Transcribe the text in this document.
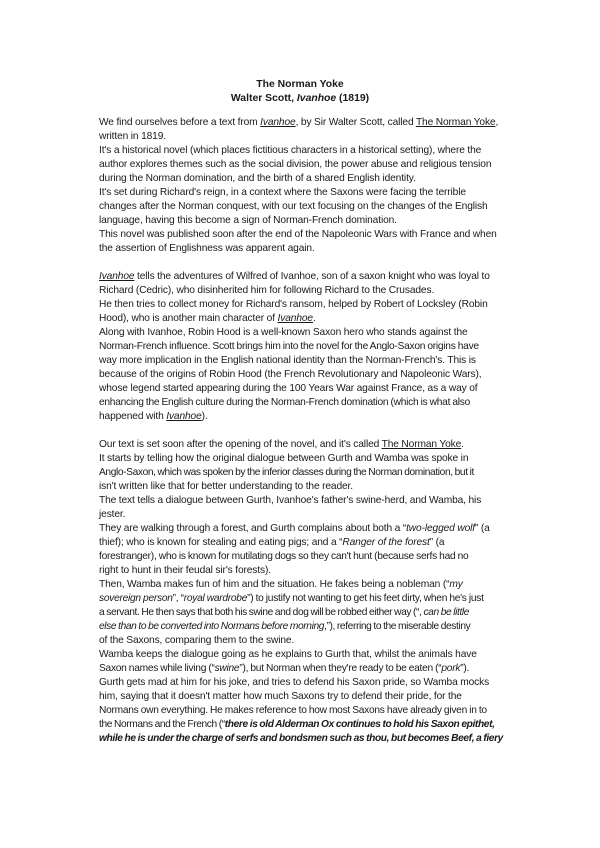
The Norman Yoke
Walter Scott, Ivanhoe (1819)
We find ourselves before a text from Ivanhoe, by Sir Walter Scott, called The Norman Yoke,
written in 1819.
It's a historical novel (which places fictitious characters in a historical setting), where the
author explores themes such as the social division, the power abuse and religious tension
during the Norman domination, and the birth of a shared English identity.
It's set during Richard's reign, in a context where the Saxons were facing the terrible
changes after the Norman conquest, with our text focusing on the changes of the English
language, having this become a sign of Norman-French domination.
This novel was published soon after the end of the Napoleonic Wars with France and when
the assertion of Englishness was apparent again.
Ivanhoe tells the adventures of Wilfred of Ivanhoe, son of a saxon knight who was loyal to
Richard (Cedric), who disinherited him for following Richard to the Crusades.
He then tries to collect money for Richard's ransom, helped by Robert of Locksley (Robin
Hood), who is another main character of Ivanhoe.
Along with Ivanhoe, Robin Hood is a well-known Saxon hero who stands against the
Norman-French influence. Scott brings him into the novel for the Anglo-Saxon origins have
way more implication in the English national identity than the Norman-French's. This is
because of the origins of Robin Hood (the French Revolutionary and Napoleonic Wars),
whose legend started appearing during the 100 Years War against France, as a way of
enhancing the English culture during the Norman-French domination (which is what also
happened with Ivanhoe).
Our text is set soon after the opening of the novel, and it's called The Norman Yoke.
It starts by telling how the original dialogue between Gurth and Wamba was spoke in
Anglo-Saxon, which was spoken by the inferior classes during the Norman domination, but it
isn't written like that for better understanding to the reader.
The text tells a dialogue between Gurth, Ivanhoe's father's swine-herd, and Wamba, his
jester.
They are walking through a forest, and Gurth complains about both a “two-legged wolf” (a
thief); who is known for stealing and eating pigs; and a “Ranger of the forest” (a
forestranger), who is known for mutilating dogs so they can't hunt (because serfs had no
right to hunt in their feudal sir's forests).
Then, Wamba makes fun of him and the situation. He fakes being a nobleman (“my
sovereign person”, “royal wardrobe”) to justify not wanting to get his feet dirty, when he's just
a servant. He then says that both his swine and dog will be robbed either way (“, can be little
else than to be converted into Normans before morning,”), referring to the miserable destiny
of the Saxons, comparing them to the swine.
Wamba keeps the dialogue going as he explains to Gurth that, whilst the animals have
Saxon names while living (“swine”), but Norman when they're ready to be eaten (“pork”).
Gurth gets mad at him for his joke, and tries to defend his Saxon pride, so Wamba mocks
him, saying that it doesn't matter how much Saxons try to defend their pride, for the
Normans own everything. He makes reference to how most Saxons have already given in to
the Normans and the French (“there is old Alderman Ox continues to hold his Saxon epithet,
while he is under the charge of serfs and bondsmen such as thou, but becomes Beef, a fiery
